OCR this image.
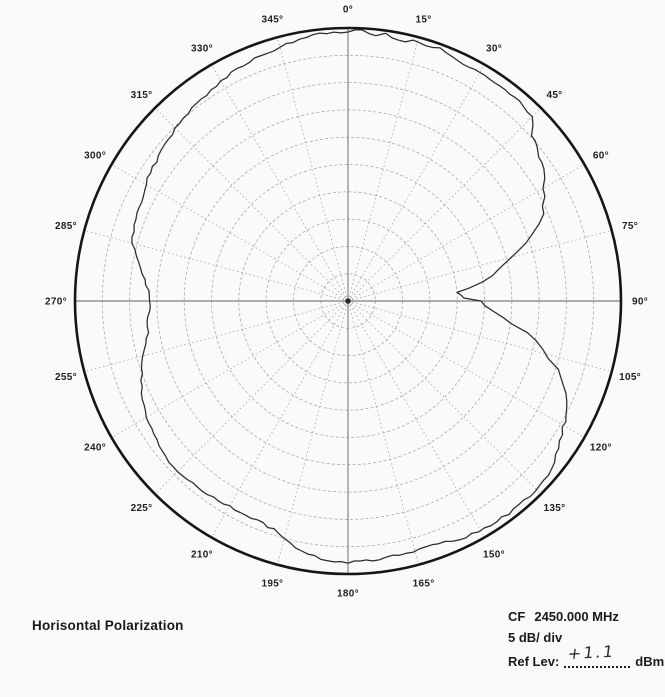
0°
15°
30°
45°
60°
75°
90°
105°
120°
135°
150°
165°
180°
195°
210°
225°
240°
255°
270°
285°
300°
315°
330°
345°
Horisontal Polarization
CF 2450.000 MHz
5 dB/ div
Ref Lev: +1.1 dBm
